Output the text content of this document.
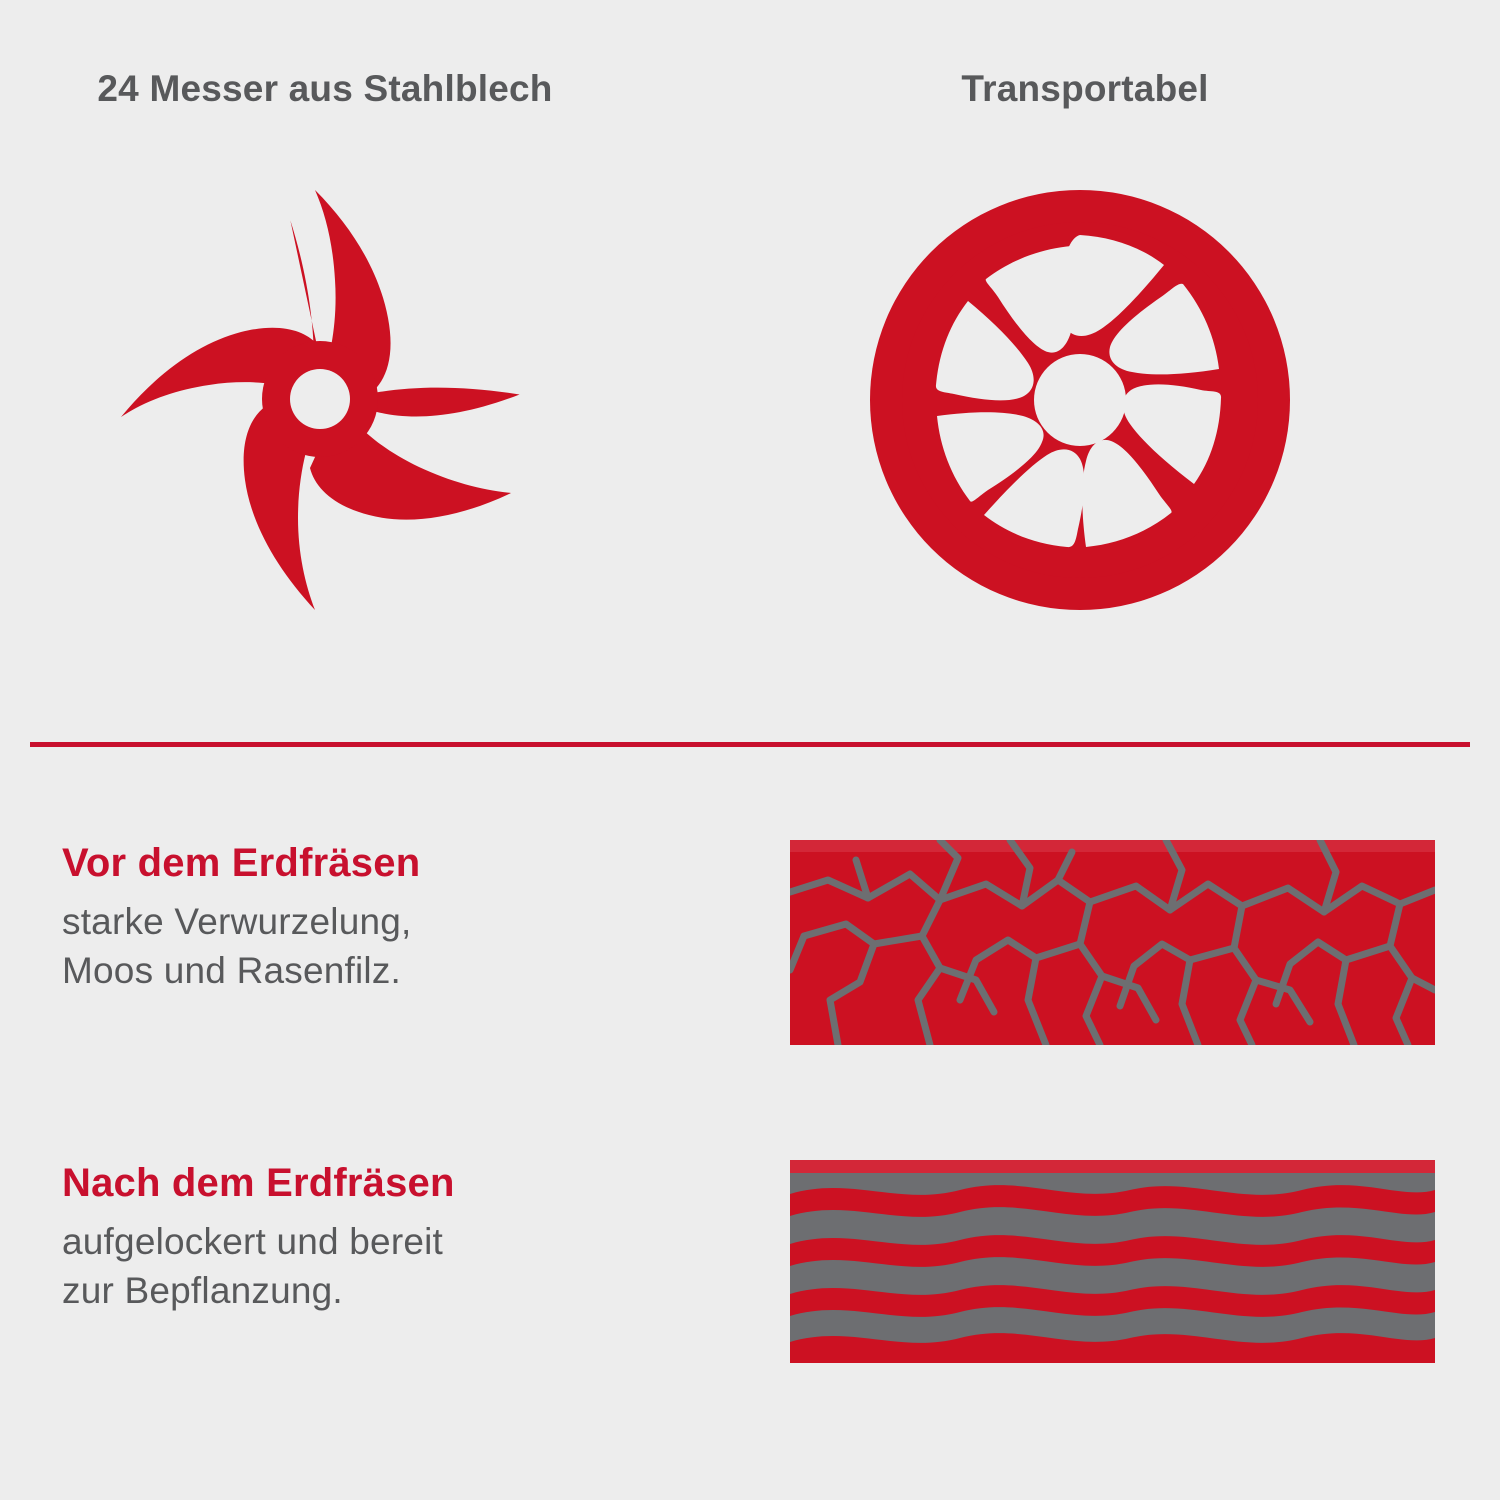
24 Messer aus Stahlblech	Transportabel

Vor dem Erdfräsen

starke Verwurzelung,
Moos und Rasenfilz.

Nach dem Erdfräsen

aufgelockert und bereit
zur Bepflanzung.
